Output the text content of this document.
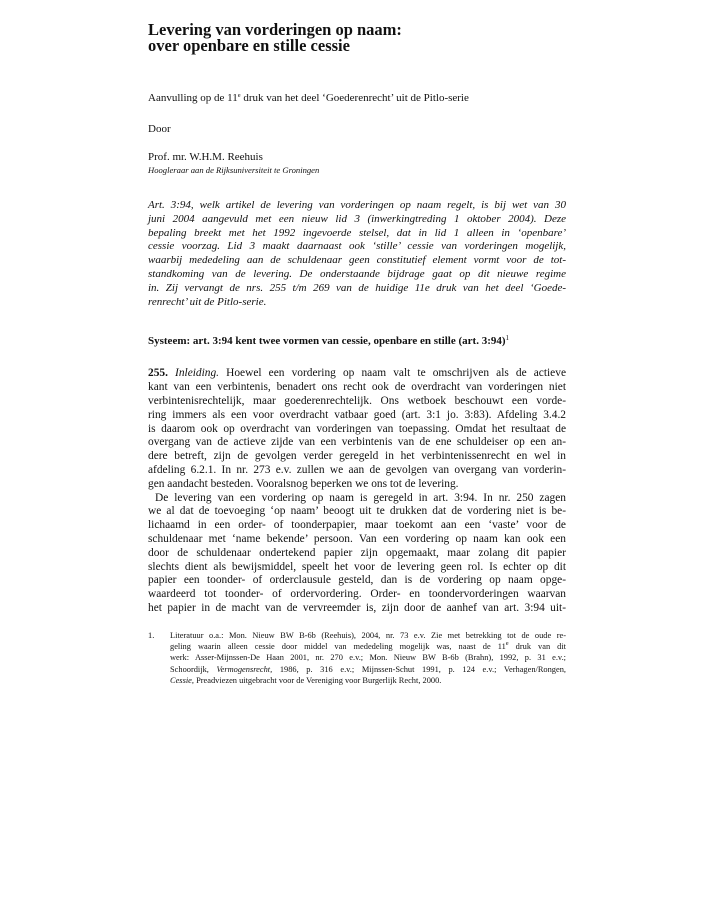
Levering van vorderingen op naam:
over openbare en stille cessie

Aanvulling op de 11e druk van het deel ‘Goederenrecht’ uit de Pitlo-serie

Door

Prof. mr. W.H.M. Reehuis

Hoogleraar aan de Rijksuniversiteit te Groningen

Art. 3:94, welk artikel de levering van vorderingen op naam regelt, is bij wet van 30
juni 2004 aangevuld met een nieuw lid 3 (inwerkingtreding 1 oktober 2004). Deze
bepaling breekt met het 1992 ingevoerde stelsel, dat in lid 1 alleen in ‘openbare’
cessie voorzag. Lid 3 maakt daarnaast ook ‘stille’ cessie van vorderingen mogelijk,
waarbij mededeling aan de schuldenaar geen constitutief element vormt voor de tot-
standkoming van de levering. De onderstaande bijdrage gaat op dit nieuwe regime
in. Zij vervangt de nrs. 255 t/m 269 van de huidige 11e druk van het deel ‘Goede-
renrecht’ uit de Pitlo-serie.
Systeem: art. 3:94 kent twee vormen van cessie, openbare en stille (art. 3:94)$^1$
255. Inleiding. Hoewel een vordering op naam valt te omschrijven als de actieve
kant van een verbintenis, benadert ons recht ook de overdracht van vorderingen niet
verbintenisrechtelijk, maar goederenrechtelijk. Ons wetboek beschouwt een vorde-
ring immers als een voor overdracht vatbaar goed (art. 3:1 jo. 3:83). Afdeling 3.4.2
is daarom ook op overdracht van vorderingen van toepassing. Omdat het resultaat de
overgang van de actieve zijde van een verbintenis van de ene schuldeiser op een an-
dere betreft, zijn de gevolgen verder geregeld in het verbintenissenrecht en wel in
afdeling 6.2.1. In nr. 273 e.v. zullen we aan de gevolgen van overgang van vorderin-
gen aandacht besteden. Vooralsnog beperken we ons tot de levering.
De levering van een vordering op naam is geregeld in art. 3:94. In nr. 250 zagen
we al dat de toevoeging ‘op naam’ beoogt uit te drukken dat de vordering niet is be-
lichaamd in een order- of toonderpapier, maar toekomt aan een ‘vaste’ voor de
schuldenaar met ‘name bekende’ persoon. Van een vordering op naam kan ook een
door de schuldenaar ondertekend papier zijn opgemaakt, maar zolang dit papier
slechts dient als bewijsmiddel, speelt het voor de levering geen rol. Is echter op dit
papier een toonder- of orderclausule gesteld, dan is de vordering op naam opge-
waardeerd tot toonder- of ordervordering. Order- en toondervorderingen waarvan
het papier in de macht van de vervreemder is, zijn door de aanhef van art. 3:94 uit-
1. Literatuur o.a.: Mon. Nieuw BW B-6b (Reehuis), 2004, nr. 73 e.v. Zie met betrekking tot de oude re-
geling waarin alleen cessie door middel van mededeling mogelijk was, naast de 11e druk van dit
werk: Asser-Mijnssen-De Haan 2001, nr. 270 e.v.; Mon. Nieuw BW B-6b (Brahn), 1992, p. 31 e.v.;
Schoordijk, Vermogensrecht, 1986, p. 316 e.v.; Mijnssen-Schut 1991, p. 124 e.v.; Verhagen/Rongen,
Cessie, Preadviezen uitgebracht voor de Vereniging voor Burgerlijk Recht, 2000.
